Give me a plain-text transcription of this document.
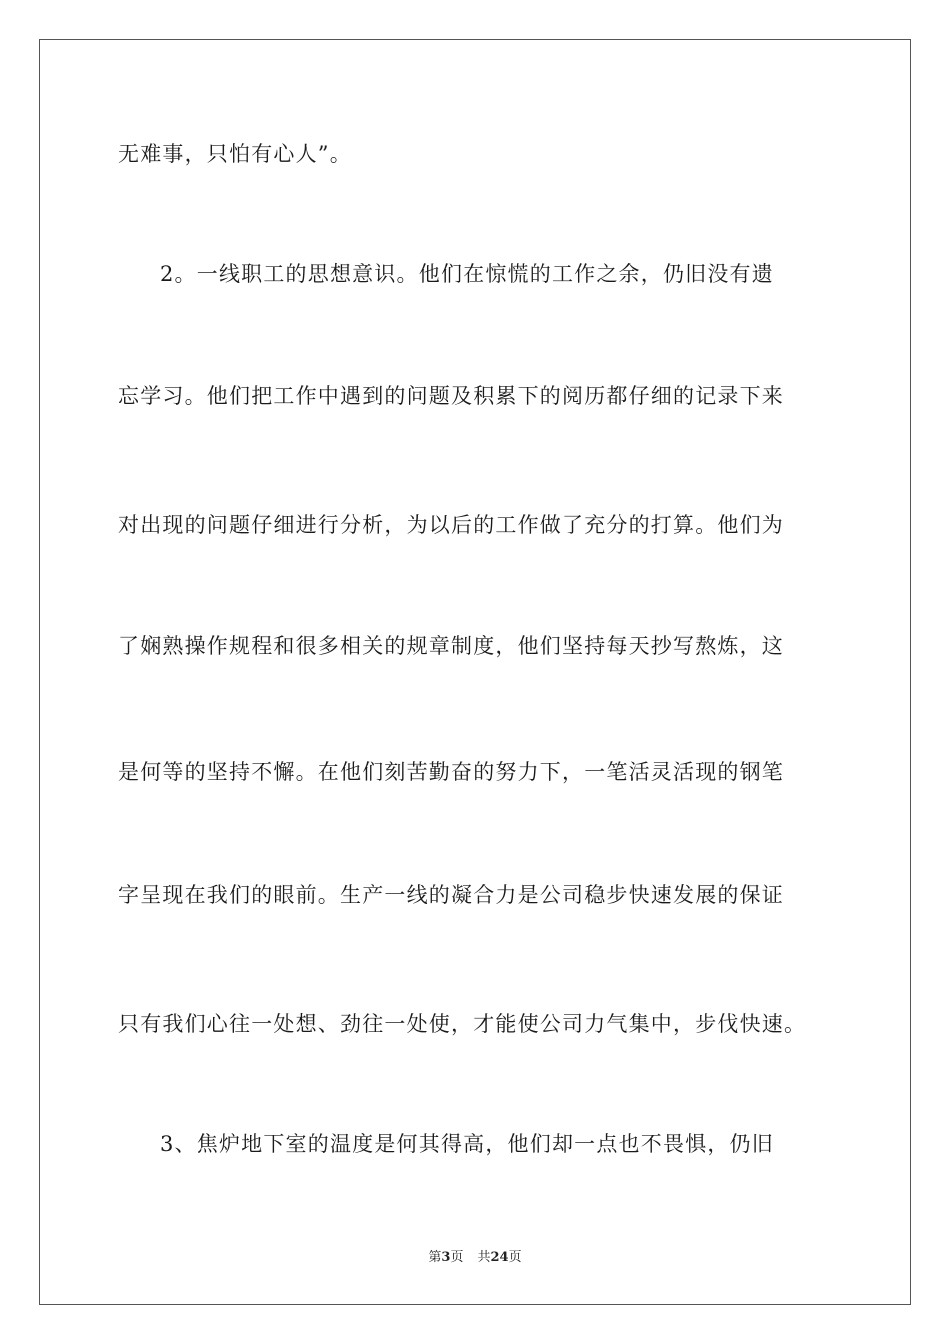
无难事，只怕有心人”。
2。一线职工的思想意识。他们在惊慌的工作之余，仍旧没有遗
忘学习。他们把工作中遇到的问题及积累下的阅历都仔细的记录下来
对出现的问题仔细进行分析，为以后的工作做了充分的打算。他们为
了娴熟操作规程和很多相关的规章制度，他们坚持每天抄写熬炼，这
是何等的坚持不懈。在他们刻苦勤奋的努力下，一笔活灵活现的钢笔
字呈现在我们的眼前。生产一线的凝合力是公司稳步快速发展的保证
只有我们心往一处想、劲往一处使，才能使公司力气集中，步伐快速。
3、焦炉地下室的温度是何其得高，他们却一点也不畏惧，仍旧
第3页 共24页
